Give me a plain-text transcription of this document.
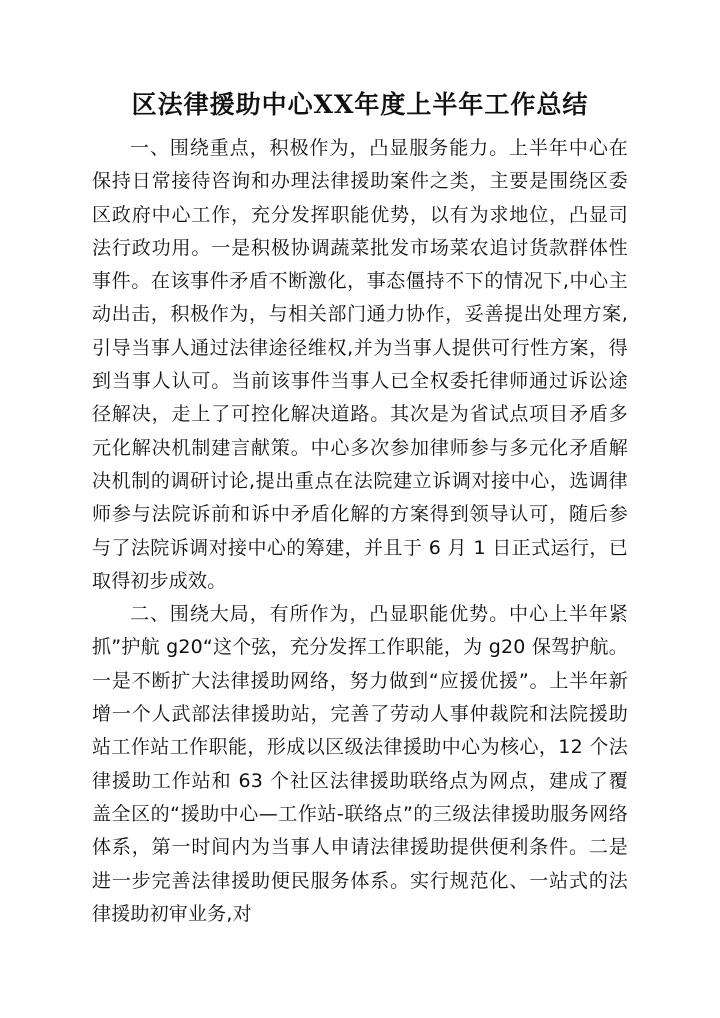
区法律援助中心XX年度上半年工作总结

一、围绕重点，积极作为，凸显服务能力。上半年中心在保持日常接待咨询和办理法律援助案件之类，主要是围绕区委区政府中心工作，充分发挥职能优势，以有为求地位，凸显司法行政功用。一是积极协调蔬菜批发市场菜农追讨货款群体性事件。在该事件矛盾不断激化，事态僵持不下的情况下,中心主动出击，积极作为，与相关部门通力协作，妥善提出处理方案,引导当事人通过法律途径维权,并为当事人提供可行性方案，得到当事人认可。当前该事件当事人已全权委托律师通过诉讼途径解决，走上了可控化解决道路。其次是为省试点项目矛盾多元化解决机制建言献策。中心多次参加律师参与多元化矛盾解决机制的调研讨论,提出重点在法院建立诉调对接中心，选调律师参与法院诉前和诉中矛盾化解的方案得到领导认可，随后参与了法院诉调对接中心的筹建，并且于 6 月 1 日正式运行，已取得初步成效。

二、围绕大局，有所作为，凸显职能优势。中心上半年紧抓”护航 g20“这个弦，充分发挥工作职能，为 g20 保驾护航。一是不断扩大法律援助网络，努力做到“应援优援”。上半年新增一个人武部法律援助站，完善了劳动人事仲裁院和法院援助站工作站工作职能，形成以区级法律援助中心为核心，12 个法律援助工作站和 63 个社区法律援助联络点为网点，建成了覆盖全区的“援助中心—工作站-联络点”的三级法律援助服务网络体系，第一时间内为当事人申请法律援助提供便利条件。二是进一步完善法律援助便民服务体系。实行规范化、一站式的法律援助初审业务,对
